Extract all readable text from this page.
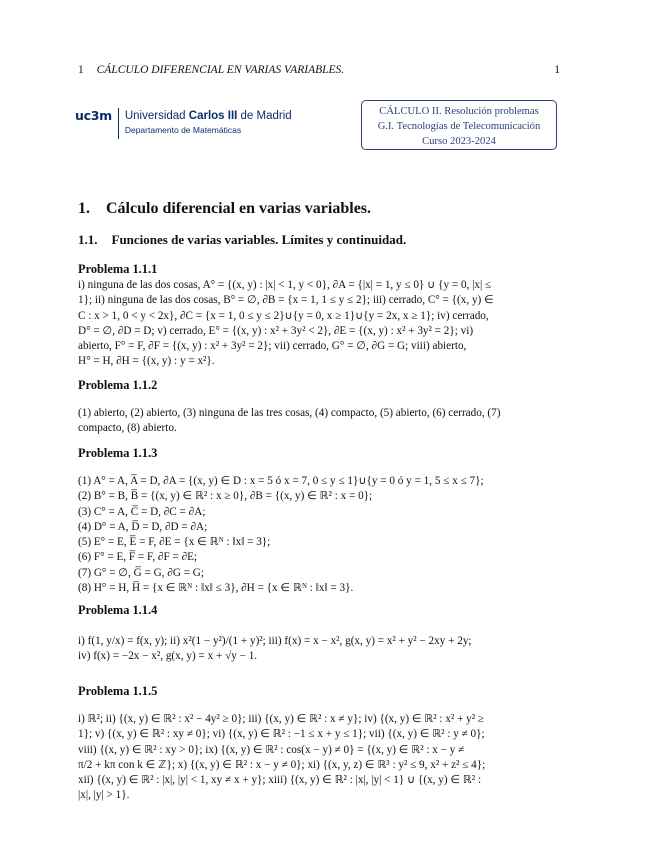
1 CÁLCULO DIFERENCIAL EN VARIAS VARIABLES.	1
uc3m Universidad Carlos III de Madrid
Departamento de Matemáticas
CÁLCULO II. Resolución problemas
G.I. Tecnologías de Telecomunicación
Curso 2023-2024
1. Cálculo diferencial en varias variables.
1.1. Funciones de varias variables. Límites y continuidad.
Problema 1.1.1
i) ninguna de las dos cosas, A° = {(x, y) : |x| < 1, y < 0}, ∂A = {|x| = 1, y ≤ 0} ∪ {y = 0, |x| ≤
1}; ii) ninguna de las dos cosas, B° = ∅, ∂B = {x = 1, 1 ≤ y ≤ 2}; iii) cerrado, C° = {(x, y) ∈
C : x > 1, 0 < y < 2x}, ∂C = {x = 1, 0 ≤ y ≤ 2}∪{y = 0, x ≥ 1}∪{y = 2x, x ≥ 1}; iv) cerrado,
D° = ∅, ∂D = D; v) cerrado, E° = {(x, y) : x² + 3y² < 2}, ∂E = {(x, y) : x² + 3y² = 2}; vi)
abierto, F° = F, ∂F = {(x, y) : x² + 3y² = 2}; vii) cerrado, G° = ∅, ∂G = G; viii) abierto,
H° = H, ∂H = {(x, y) : y = x²}.
Problema 1.1.2
(1) abierto, (2) abierto, (3) ninguna de las tres cosas, (4) compacto, (5) abierto, (6) cerrado, (7)
compacto, (8) abierto.
Problema 1.1.3
(1) A° = A, A̅ = D, ∂A = {(x, y) ∈ D : x = 5 ó x = 7, 0 ≤ y ≤ 1}∪{y = 0 ó y = 1, 5 ≤ x ≤ 7};
(2) B° = B, B̅ = {(x, y) ∈ ℝ² : x ≥ 0}, ∂B = {(x, y) ∈ ℝ² : x = 0};
(3) C° = A, C̅ = D, ∂C = ∂A;
(4) D° = A, D̅ = D, ∂D = ∂A;
(5) E° = E, E̅ = F, ∂E = {x ∈ ℝᴺ : ‖x‖ = 3};
(6) F° = E, F̅ = F, ∂F = ∂E;
(7) G° = ∅, G̅ = G, ∂G = G;
(8) H° = H, H̅ = {x ∈ ℝᴺ : ‖x‖ ≤ 3}, ∂H = {x ∈ ℝᴺ : ‖x‖ = 3}.
Problema 1.1.4
i) f(1, y/x) = f(x, y); ii) x²(1 − y²)/(1 + y)²; iii) f(x) = x − x², g(x, y) = x² + y² − 2xy + 2y;
iv) f(x) = −2x − x², g(x, y) = x + √y − 1.
Problema 1.1.5
i) ℝ²; ii) {(x, y) ∈ ℝ² : x² − 4y² ≥ 0}; iii) {(x, y) ∈ ℝ² : x ≠ y}; iv) {(x, y) ∈ ℝ² : x² + y² ≥
1}; v) {(x, y) ∈ ℝ² : xy ≠ 0}; vi) {(x, y) ∈ ℝ² : −1 ≤ x + y ≤ 1}; vii) {(x, y) ∈ ℝ² : y ≠ 0};
viii) {(x, y) ∈ ℝ² : xy > 0}; ix) {(x, y) ∈ ℝ² : cos(x − y) ≠ 0} = {(x, y) ∈ ℝ² : x − y ≠
π/2 + kπ con k ∈ ℤ}; x) {(x, y) ∈ ℝ² : x − y ≠ 0}; xi) {(x, y, z) ∈ ℝ³ : y² ≤ 9, x² + z² ≤ 4};
xii) {(x, y) ∈ ℝ² : |x|, |y| < 1, xy ≠ x + y}; xiii) {(x, y) ∈ ℝ² : |x|, |y| < 1} ∪ {(x, y) ∈ ℝ² :
|x|, |y| > 1}.
